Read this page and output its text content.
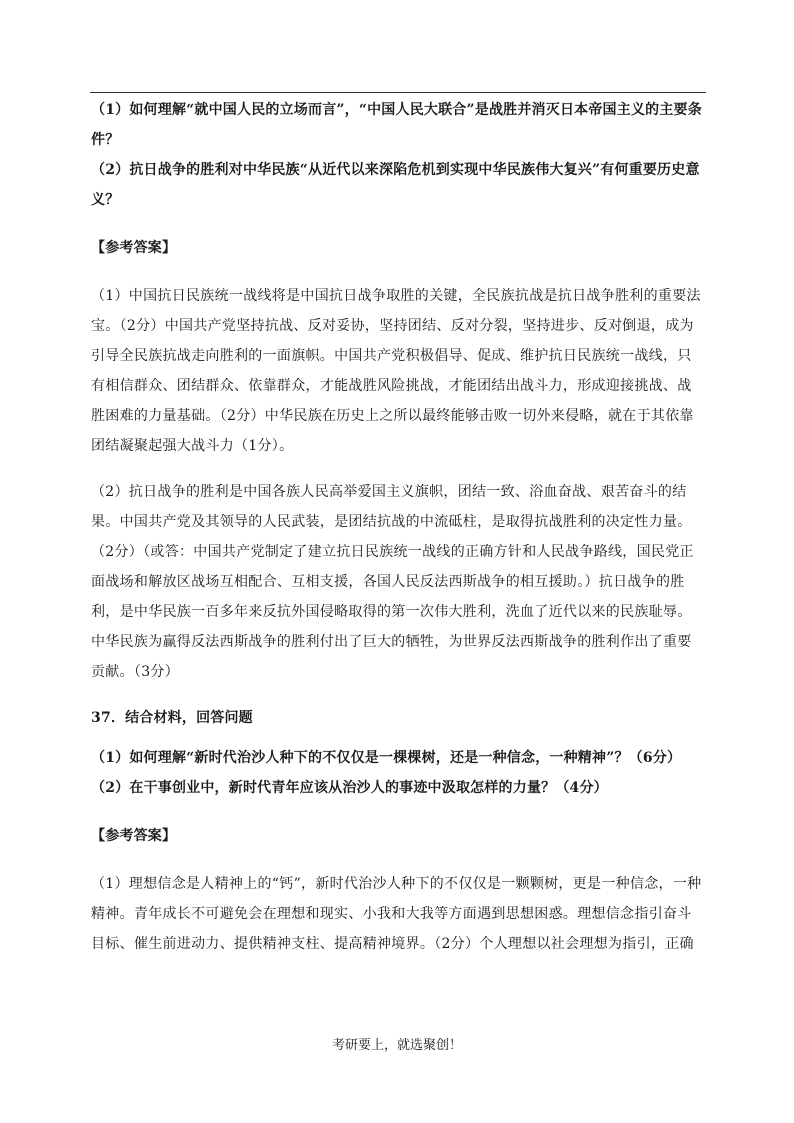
（1）如何理解“就中国人民的立场而言”，“中国人民大联合”是战胜并消灭日本帝国主义的主要条件？

（2）抗日战争的胜利对中华民族“从近代以来深陷危机到实现中华民族伟大复兴”有何重要历史意义？

【参考答案】

（1）中国抗日民族统一战线将是中国抗日战争取胜的关键，全民族抗战是抗日战争胜利的重要法宝。（2分）中国共产党坚持抗战、反对妥协，坚持团结、反对分裂，坚持进步、反对倒退，成为引导全民族抗战走向胜利的一面旗帜。中国共产党积极倡导、促成、维护抗日民族统一战线，只有相信群众、团结群众、依靠群众，才能战胜风险挑战，才能团结出战斗力，形成迎接挑战、战胜困难的力量基础。（2分）中华民族在历史上之所以最终能够击败一切外来侵略，就在于其依靠团结凝聚起强大战斗力（1分）。

（2）抗日战争的胜利是中国各族人民高举爱国主义旗帜，团结一致、浴血奋战、艰苦奋斗的结果。中国共产党及其领导的人民武装，是团结抗战的中流砥柱，是取得抗战胜利的决定性力量。（2分）（或答：中国共产党制定了建立抗日民族统一战线的正确方针和人民战争路线，国民党正面战场和解放区战场互相配合、互相支援，各国人民反法西斯战争的相互援助。）抗日战争的胜利，是中华民族一百多年来反抗外国侵略取得的第一次伟大胜利，洗血了近代以来的民族耻辱。中华民族为赢得反法西斯战争的胜利付出了巨大的牺牲，为世界反法西斯战争的胜利作出了重要贡献。（3分）

37．结合材料，回答问题

（1）如何理解“新时代治沙人种下的不仅仅是一棵棵树，还是一种信念，一种精神”？（6分）

（2）在干事创业中，新时代青年应该从治沙人的事迹中汲取怎样的力量？（4分）

【参考答案】

（1）理想信念是人精神上的“钙”，新时代治沙人种下的不仅仅是一颗颗树，更是一种信念，一种精神。青年成长不可避免会在理想和现实、小我和大我等方面遇到思想困惑。理想信念指引奋斗目标、催生前进动力、提供精神支柱、提高精神境界。（2分）个人理想以社会理想为指引，正确

考研要上，就选聚创！
